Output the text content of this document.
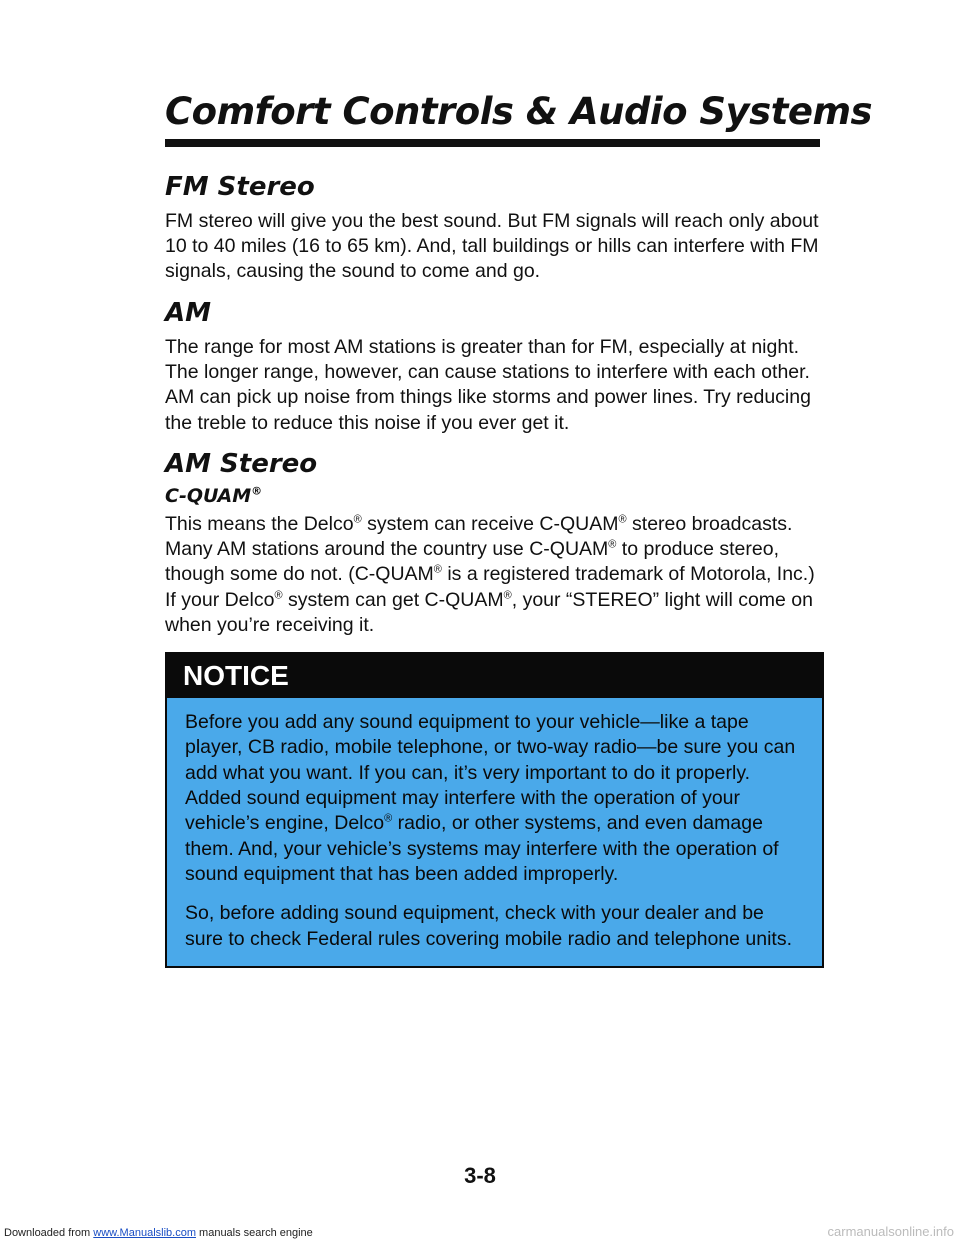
Comfort Controls & Audio Systems
FM Stereo

FM stereo will give you the best sound. But FM signals will reach only about 10 to 40 miles (16 to 65 km). And, tall buildings or hills can interfere with FM signals, causing the sound to come and go.

AM

The range for most AM stations is greater than for FM, especially at night. The longer range, however, can cause stations to interfere with each other. AM can pick up noise from things like storms and power lines. Try reducing the treble to reduce this noise if you ever get it.

AM Stereo
C-QUAM®

This means the Delco® system can receive C-QUAM® stereo broadcasts. Many AM stations around the country use C-QUAM® to produce stereo, though some do not. (C-QUAM® is a registered trademark of Motorola, Inc.) If your Delco® system can get C-QUAM®, your “STEREO” light will come on when you’re receiving it.

NOTICE

Before you add any sound equipment to your vehicle—like a tape player, CB radio, mobile telephone, or two-way radio—be sure you can add what you want. If you can, it’s very important to do it properly. Added sound equipment may interfere with the operation of your vehicle’s engine, Delco® radio, or other systems, and even damage them. And, your vehicle’s systems may interfere with the operation of sound equipment that has been added improperly.

So, before adding sound equipment, check with your dealer and be sure to check Federal rules covering mobile radio and telephone units.

3-8
Downloaded from www.Manualslib.com manuals search engine	carmanualsonline.info
